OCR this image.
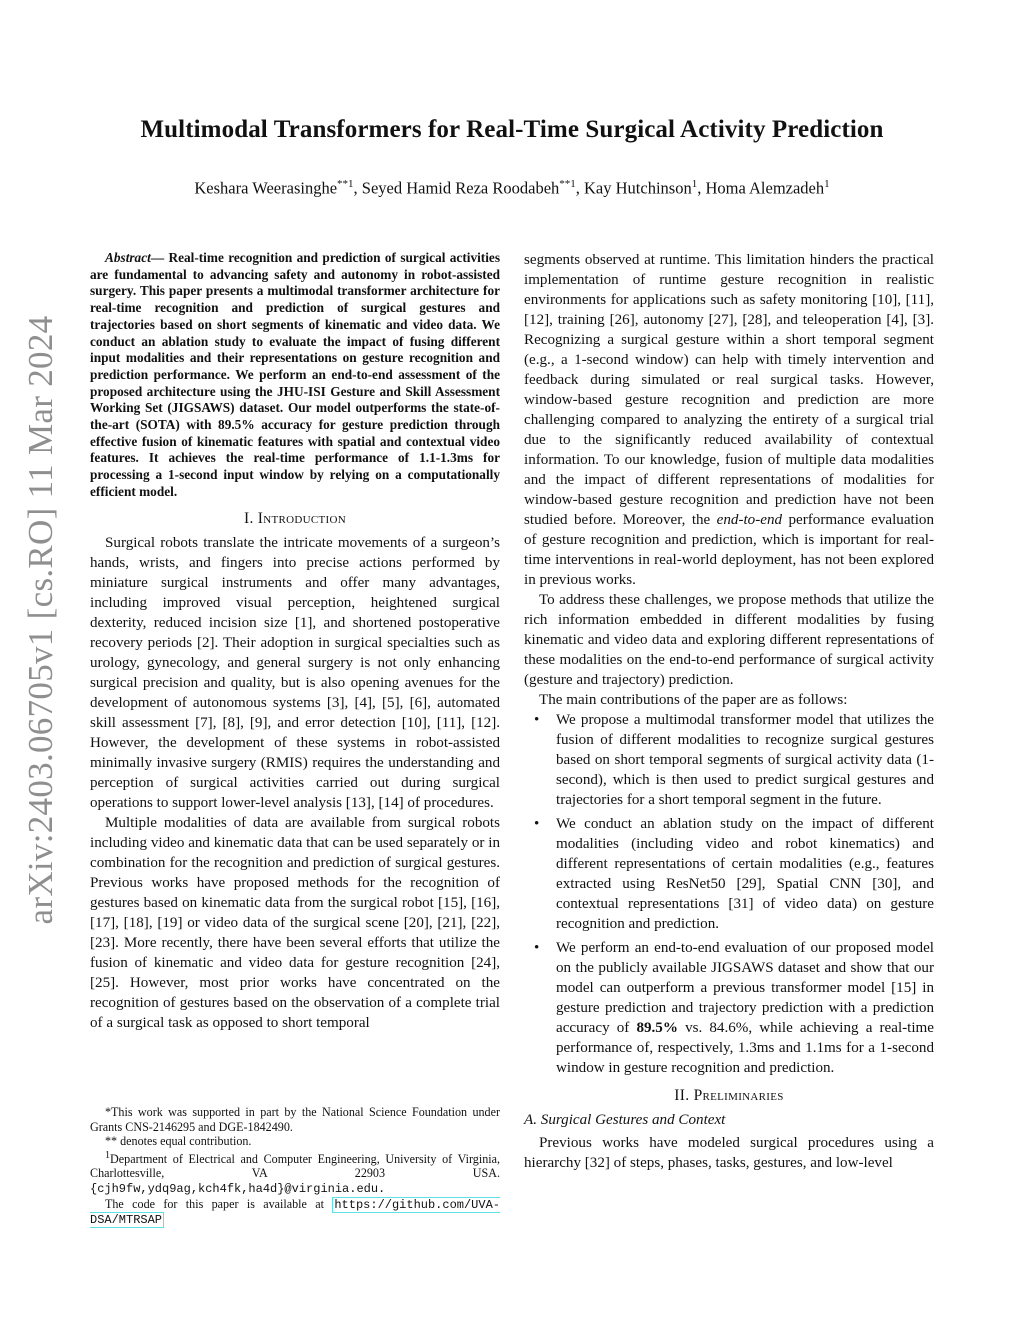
arXiv:2403.06705v1 [cs.RO] 11 Mar 2024
Multimodal Transformers for Real-Time Surgical Activity Prediction
Keshara Weerasinghe$^{**1}$, Seyed Hamid Reza Roodabeh$^{**1}$, Kay Hutchinson$^1$, Homa Alemzadeh$^1$

Abstract— Real-time recognition and prediction of surgical activities are fundamental to advancing safety and autonomy in robot-assisted surgery. This paper presents a multimodal transformer architecture for real-time recognition and prediction of surgical gestures and trajectories based on short segments of kinematic and video data. We conduct an ablation study to evaluate the impact of fusing different input modalities and their representations on gesture recognition and prediction performance. We perform an end-to-end assessment of the proposed architecture using the JHU-ISI Gesture and Skill Assessment Working Set (JIGSAWS) dataset. Our model outperforms the state-of-the-art (SOTA) with 89.5% accuracy for gesture prediction through effective fusion of kinematic features with spatial and contextual video features. It achieves the real-time performance of 1.1-1.3ms for processing a 1-second input window by relying on a computationally efficient model.

I. Introduction

Surgical robots translate the intricate movements of a surgeon’s hands, wrists, and fingers into precise actions performed by miniature surgical instruments and offer many advantages, including improved visual perception, heightened surgical dexterity, reduced incision size [1], and shortened postoperative recovery periods [2]. Their adoption in surgical specialties such as urology, gynecology, and general surgery is not only enhancing surgical precision and quality, but is also opening avenues for the development of autonomous systems [3], [4], [5], [6], automated skill assessment [7], [8], [9], and error detection [10], [11], [12]. However, the development of these systems in robot-assisted minimally invasive surgery (RMIS) requires the understanding and perception of surgical activities carried out during surgical operations to support lower-level analysis [13], [14] of procedures.

Multiple modalities of data are available from surgical robots including video and kinematic data that can be used separately or in combination for the recognition and prediction of surgical gestures. Previous works have proposed methods for the recognition of gestures based on kinematic data from the surgical robot [15], [16], [17], [18], [19] or video data of the surgical scene [20], [21], [22], [23]. More recently, there have been several efforts that utilize the fusion of kinematic and video data for gesture recognition [24], [25]. However, most prior works have concentrated on the recognition of gestures based on the observation of a complete trial of a surgical task as opposed to short temporal

*This work was supported in part by the National Science Foundation under Grants CNS-2146295 and DGE-1842490.

** denotes equal contribution.

$^1$Department of Electrical and Computer Engineering, University of Virginia, Charlottesville, VA 22903 USA. {cjh9fw,ydq9ag,kch4fk,ha4d}@virginia.edu.

The code for this paper is available at https://github.com/UVA-DSA/MTRSAP

segments observed at runtime. This limitation hinders the practical implementation of runtime gesture recognition in realistic environments for applications such as safety monitoring [10], [11], [12], training [26], autonomy [27], [28], and teleoperation [4], [3]. Recognizing a surgical gesture within a short temporal segment (e.g., a 1-second window) can help with timely intervention and feedback during simulated or real surgical tasks. However, window-based gesture recognition and prediction are more challenging compared to analyzing the entirety of a surgical trial due to the significantly reduced availability of contextual information. To our knowledge, fusion of multiple data modalities and the impact of different representations of modalities for window-based gesture recognition and prediction have not been studied before. Moreover, the end-to-end performance evaluation of gesture recognition and prediction, which is important for real-time interventions in real-world deployment, has not been explored in previous works.

To address these challenges, we propose methods that utilize the rich information embedded in different modalities by fusing kinematic and video data and exploring different representations of these modalities on the end-to-end performance of surgical activity (gesture and trajectory) prediction.

The main contributions of the paper are as follows:

• We propose a multimodal transformer model that utilizes the fusion of different modalities to recognize surgical gestures based on short temporal segments of surgical activity data (1-second), which is then used to predict surgical gestures and trajectories for a short temporal segment in the future.
• We conduct an ablation study on the impact of different modalities (including video and robot kinematics) and different representations of certain modalities (e.g., features extracted using ResNet50 [29], Spatial CNN [30], and contextual representations [31] of video data) on gesture recognition and prediction.
• We perform an end-to-end evaluation of our proposed model on the publicly available JIGSAWS dataset and show that our model can outperform a previous transformer model [15] in gesture prediction and trajectory prediction with a prediction accuracy of 89.5% vs. 84.6%, while achieving a real-time performance of, respectively, 1.3ms and 1.1ms for a 1-second window in gesture recognition and prediction.
II. Preliminaries
A. Surgical Gestures and Context

Previous works have modeled surgical procedures using a hierarchy [32] of steps, phases, tasks, gestures, and low-level
